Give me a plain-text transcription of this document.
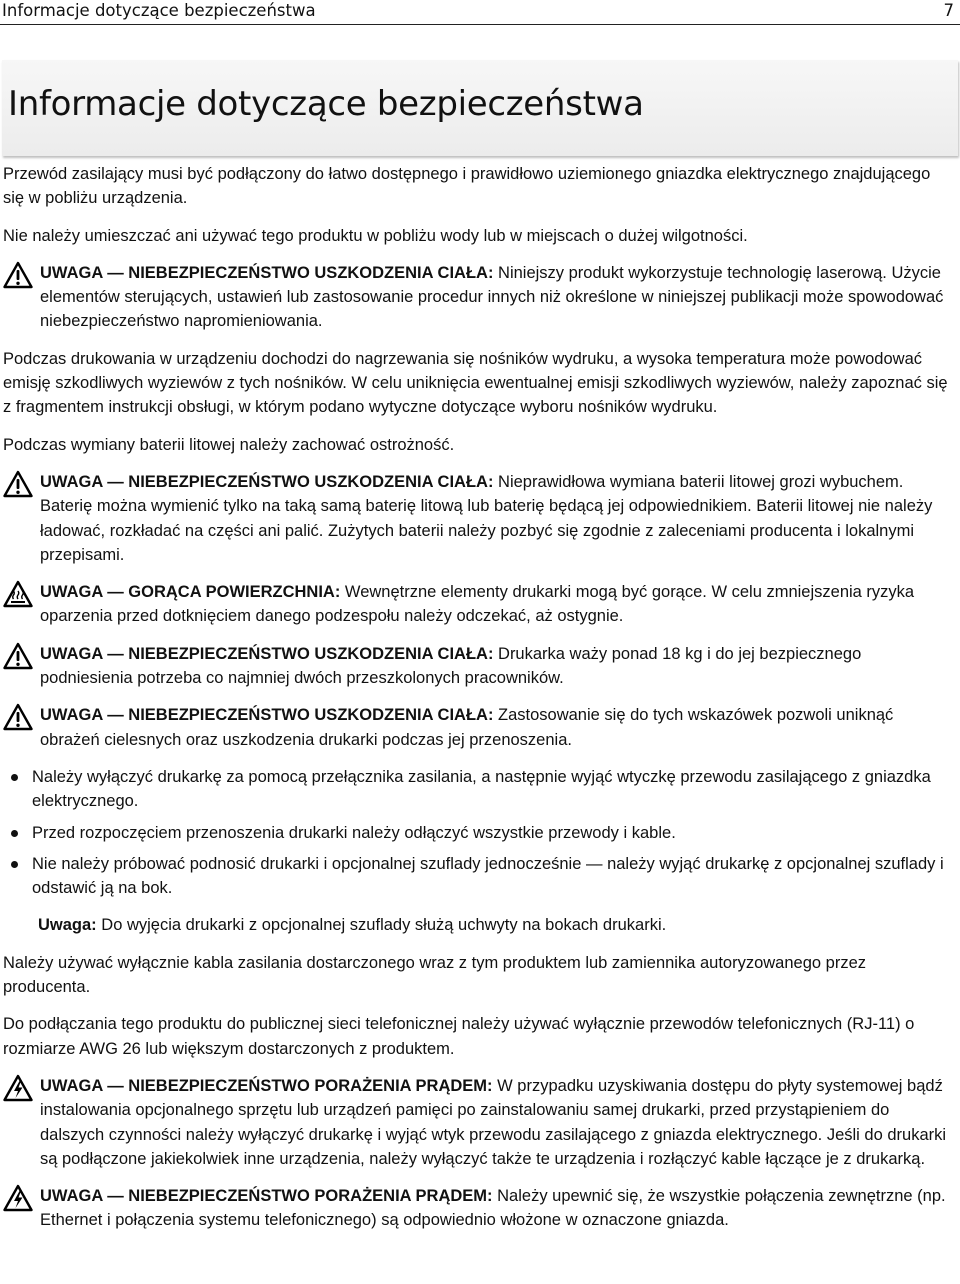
Informacje dotyczące bezpieczeństwa	7
Informacje dotyczące bezpieczeństwa

Przewód zasilający musi być podłączony do łatwo dostępnego i prawidłowo uziemionego gniazdka elektrycznego znajdującego się w pobliżu urządzenia.

Nie należy umieszczać ani używać tego produktu w pobliżu wody lub w miejscach o dużej wilgotności.

UWAGA — NIEBEZPIECZEŃSTWO USZKODZENIA CIAŁA: Niniejszy produkt wykorzystuje technologię laserową. Użycie elementów sterujących, ustawień lub zastosowanie procedur innych niż określone w niniejszej publikacji może spowodować niebezpieczeństwo napromieniowania.

Podczas drukowania w urządzeniu dochodzi do nagrzewania się nośników wydruku, a wysoka temperatura może powodować emisję szkodliwych wyziewów z tych nośników. W celu uniknięcia ewentualnej emisji szkodliwych wyziewów, należy zapoznać się z fragmentem instrukcji obsługi, w którym podano wytyczne dotyczące wyboru nośników wydruku.

Podczas wymiany baterii litowej należy zachować ostrożność.

UWAGA — NIEBEZPIECZEŃSTWO USZKODZENIA CIAŁA: Nieprawidłowa wymiana baterii litowej grozi wybuchem. Baterię można wymienić tylko na taką samą baterię litową lub baterię będącą jej odpowiednikiem. Baterii litowej nie należy ładować, rozkładać na części ani palić. Zużytych baterii należy pozbyć się zgodnie z zaleceniami producenta i lokalnymi przepisami.
UWAGA — GORĄCA POWIERZCHNIA: Wewnętrzne elementy drukarki mogą być gorące. W celu zmniejszenia ryzyka oparzenia przed dotknięciem danego podzespołu należy odczekać, aż ostygnie.
UWAGA — NIEBEZPIECZEŃSTWO USZKODZENIA CIAŁA: Drukarka waży ponad 18 kg i do jej bezpiecznego podniesienia potrzeba co najmniej dwóch przeszkolonych pracowników.
UWAGA — NIEBEZPIECZEŃSTWO USZKODZENIA CIAŁA: Zastosowanie się do tych wskazówek pozwoli uniknąć obrażeń cielesnych oraz uszkodzenia drukarki podczas jej przenoszenia.
Należy wyłączyć drukarkę za pomocą przełącznika zasilania, a następnie wyjąć wtyczkę przewodu zasilającego z gniazdka elektrycznego.
Przed rozpoczęciem przenoszenia drukarki należy odłączyć wszystkie przewody i kable.
Nie należy próbować podnosić drukarki i opcjonalnej szuflady jednocześnie — należy wyjąć drukarkę z opcjonalnej szuflady i odstawić ją na bok.

Uwaga: Do wyjęcia drukarki z opcjonalnej szuflady służą uchwyty na bokach drukarki.

Należy używać wyłącznie kabla zasilania dostarczonego wraz z tym produktem lub zamiennika autoryzowanego przez producenta.

Do podłączania tego produktu do publicznej sieci telefonicznej należy używać wyłącznie przewodów telefonicznych (RJ-11) o rozmiarze AWG 26 lub większym dostarczonych z produktem.

UWAGA — NIEBEZPIECZEŃSTWO PORAŻENIA PRĄDEM: W przypadku uzyskiwania dostępu do płyty systemowej bądź instalowania opcjonalnego sprzętu lub urządzeń pamięci po zainstalowaniu samej drukarki, przed przystąpieniem do dalszych czynności należy wyłączyć drukarkę i wyjąć wtyk przewodu zasilającego z gniazda elektrycznego. Jeśli do drukarki są podłączone jakiekolwiek inne urządzenia, należy wyłączyć także te urządzenia i rozłączyć kable łączące je z drukarką.
UWAGA — NIEBEZPIECZEŃSTWO PORAŻENIA PRĄDEM: Należy upewnić się, że wszystkie połączenia zewnętrzne (np. Ethernet i połączenia systemu telefonicznego) są odpowiednio włożone w oznaczone gniazda.
